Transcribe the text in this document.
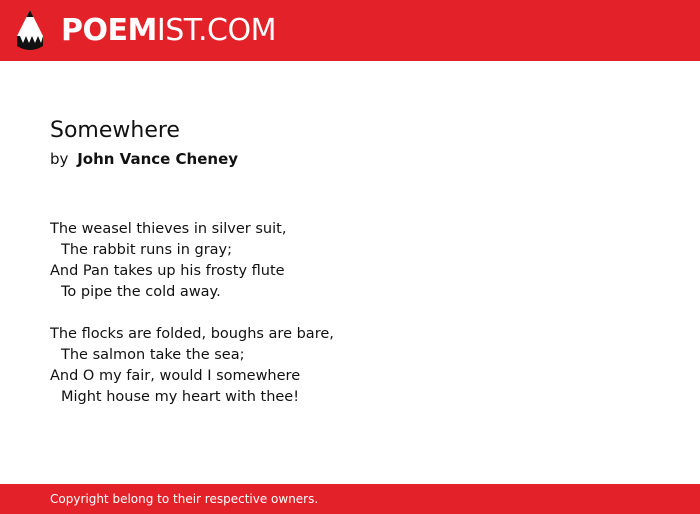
POEMIST.COM
Somewhere
by John Vance Cheney
The weasel thieves in silver suit,
The rabbit runs in gray;
And Pan takes up his frosty flute
To pipe the cold away.
The flocks are folded, boughs are bare,
The salmon take the sea;
And O my fair, would I somewhere
Might house my heart with thee!
Copyright belong to their respective owners.
